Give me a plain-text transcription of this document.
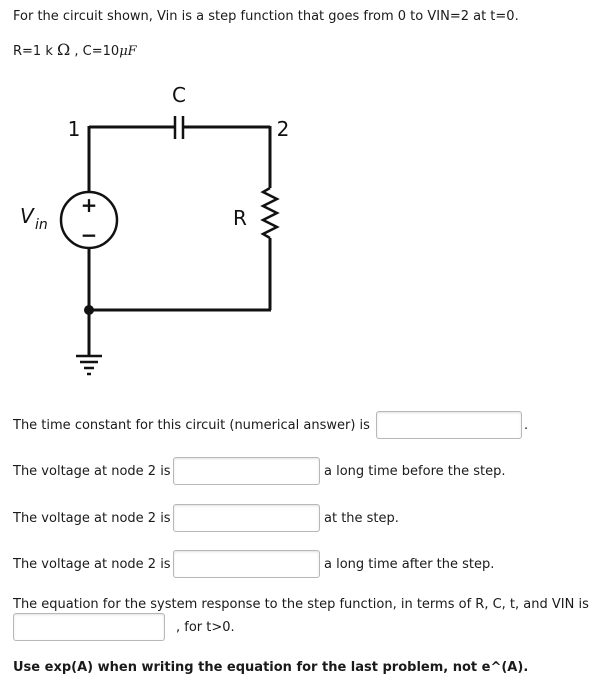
For the circuit shown, Vin is a step function that goes from 0 to VIN=2 at t=0.
R=1 k Ω , C=10μF
C
1	2
+
−
V in	R
The time constant for this circuit (numerical answer) is	.
The voltage at node 2 is	a long time before the step.
The voltage at node 2 is	at the step.
The voltage at node 2 is	a long time after the step.
The equation for the system response to the step function, in terms of R, C, t, and VIN is
, for t>0.
Use exp(A) when writing the equation for the last problem, not e^(A).
